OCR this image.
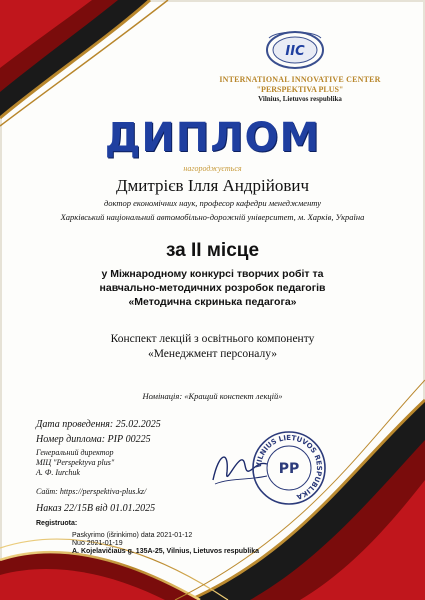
IIC
INTERNATIONAL INNOVATIVE CENTER
"PERSPEKTIVA PLUS"
Vilnius, Lietuvos respublika
ДИПЛОМ
нагороджується
Дмитрієв Ілля Андрійович
доктор економічних наук, професор кафедри менеджменту
Харківський національний автомобільно-дорожній університет, м. Харків, Україна
за ІІ місце
у Міжнародному конкурсі творчих робіт та
навчально-методичних розробок педагогів
«Методична скринька педагога»
Конспект лекцій з освітнього компоненту
«Менеджмент персоналу»
Номінація: «Кращий конспект лекцій»
Дата проведення: 25.02.2025
Номер диплома: РІР 00225
Генеральний директор
МІЦ "Perspektyva plus"
А. Ф. Іurchuk
Сайт: https://perspektiva-plus.kz/
Наказ 22/15В від 01.01.2025
VILNIUS LIETUVOS RESPUBLIKA
PP
Registruota:
Paskyrimo (išrinkimo) data 2021-01-12
Nuo 2021-01-19
A. Kojelavičiaus g. 135A-25, Vilnius, Lietuvos respublika
